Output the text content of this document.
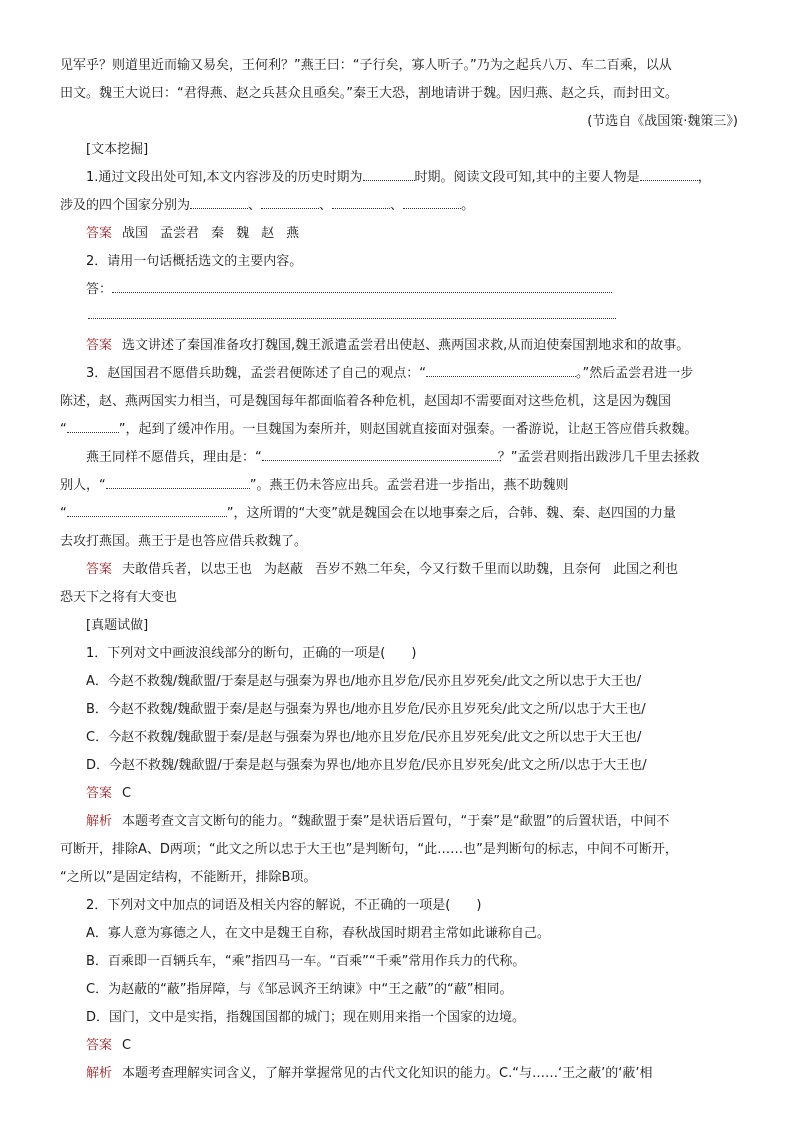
见军乎？则道里近而输又易矣，王何利？”燕王曰：“子行矣，寡人听子。”乃为之起兵八万、车二百乘，以从

田文。魏王大说曰：“君得燕、赵之兵甚众且亟矣。”秦王大恐，割地请讲于魏。因归燕、赵之兵，而封田文。

(节选自《战国策·魏策三》)

[文本挖掘]

1.通过文段出处可知,本文内容涉及的历史时期为	时期。阅读文段可知,其中的主要人物是	，

涉及的四个国家分别为	、	、	、	。

答案 战国 孟尝君 秦 魏 赵 燕

2．请用一句话概括选文的主要内容。

答：

答案 选文讲述了秦国准备攻打魏国,魏王派遣孟尝君出使赵、燕两国求救,从而迫使秦国割地求和的故事。

3．赵国国君不愿借兵助魏，孟尝君便陈述了自己的观点：“	。”然后孟尝君进一步

陈述，赵、燕两国实力相当，可是魏国每年都面临着各种危机，赵国却不需要面对这些危机，这是因为魏国

“	”，起到了缓冲作用。一旦魏国为秦所并，则赵国就直接面对强秦。一番游说，让赵王答应借兵救魏。

燕王同样不愿借兵，理由是：“	？”孟尝君则指出跋涉几千里去拯救

别人，“	”。燕王仍未答应出兵。孟尝君进一步指出，燕不助魏则

“	”，这所谓的“大变”就是魏国会在以地事秦之后，合韩、魏、秦、赵四国的力量

去攻打燕国。燕王于是也答应借兵救魏了。

答案 夫敢借兵者，以忠王也 为赵蔽 吾岁不熟二年矣，今又行数千里而以助魏，且奈何 此国之利也

恐天下之将有大变也

[真题试做]

1．下列对文中画波浪线部分的断句，正确的一项是(　　)

A．今赵不救魏/魏歃盟/于秦是赵与强秦为界也/地亦且岁危/民亦且岁死矣/此文之所以忠于大王也/

B．今赵不救魏/魏歃盟于秦/是赵与强秦为界也/地亦且岁危/民亦且岁死矣/此文之所/以忠于大王也/

C．今赵不救魏/魏歃盟于秦/是赵与强秦为界也/地亦且岁危/民亦且岁死矣/此文之所以忠于大王也/

D．今赵不救魏/魏歃盟/于秦是赵与强秦为界也/地亦且岁危/民亦且岁死矣/此文之所/以忠于大王也/

答案 C

解析 本题考查文言文断句的能力。“魏歃盟于秦”是状语后置句，“于秦”是“歃盟”的后置状语，中间不

可断开，排除A、D两项；“此文之所以忠于大王也”是判断句，“此……也”是判断句的标志，中间不可断开，

“之所以”是固定结构，不能断开，排除B项。

2．下列对文中加点的词语及相关内容的解说，不正确的一项是(　　)

A．寡人意为寡德之人，在文中是魏王自称，春秋战国时期君主常如此谦称自己。

B．百乘即一百辆兵车，“乘”指四马一车。“百乘”“千乘”常用作兵力的代称。

C．为赵蔽的“蔽”指屏障，与《邹忌讽齐王纳谏》中“王之蔽”的“蔽”相同。

D．国门，文中是实指，指魏国国都的城门；现在则用来指一个国家的边境。

答案 C

解析 本题考查理解实词含义，了解并掌握常见的古代文化知识的能力。C.“与……‘王之蔽’的‘蔽’相
